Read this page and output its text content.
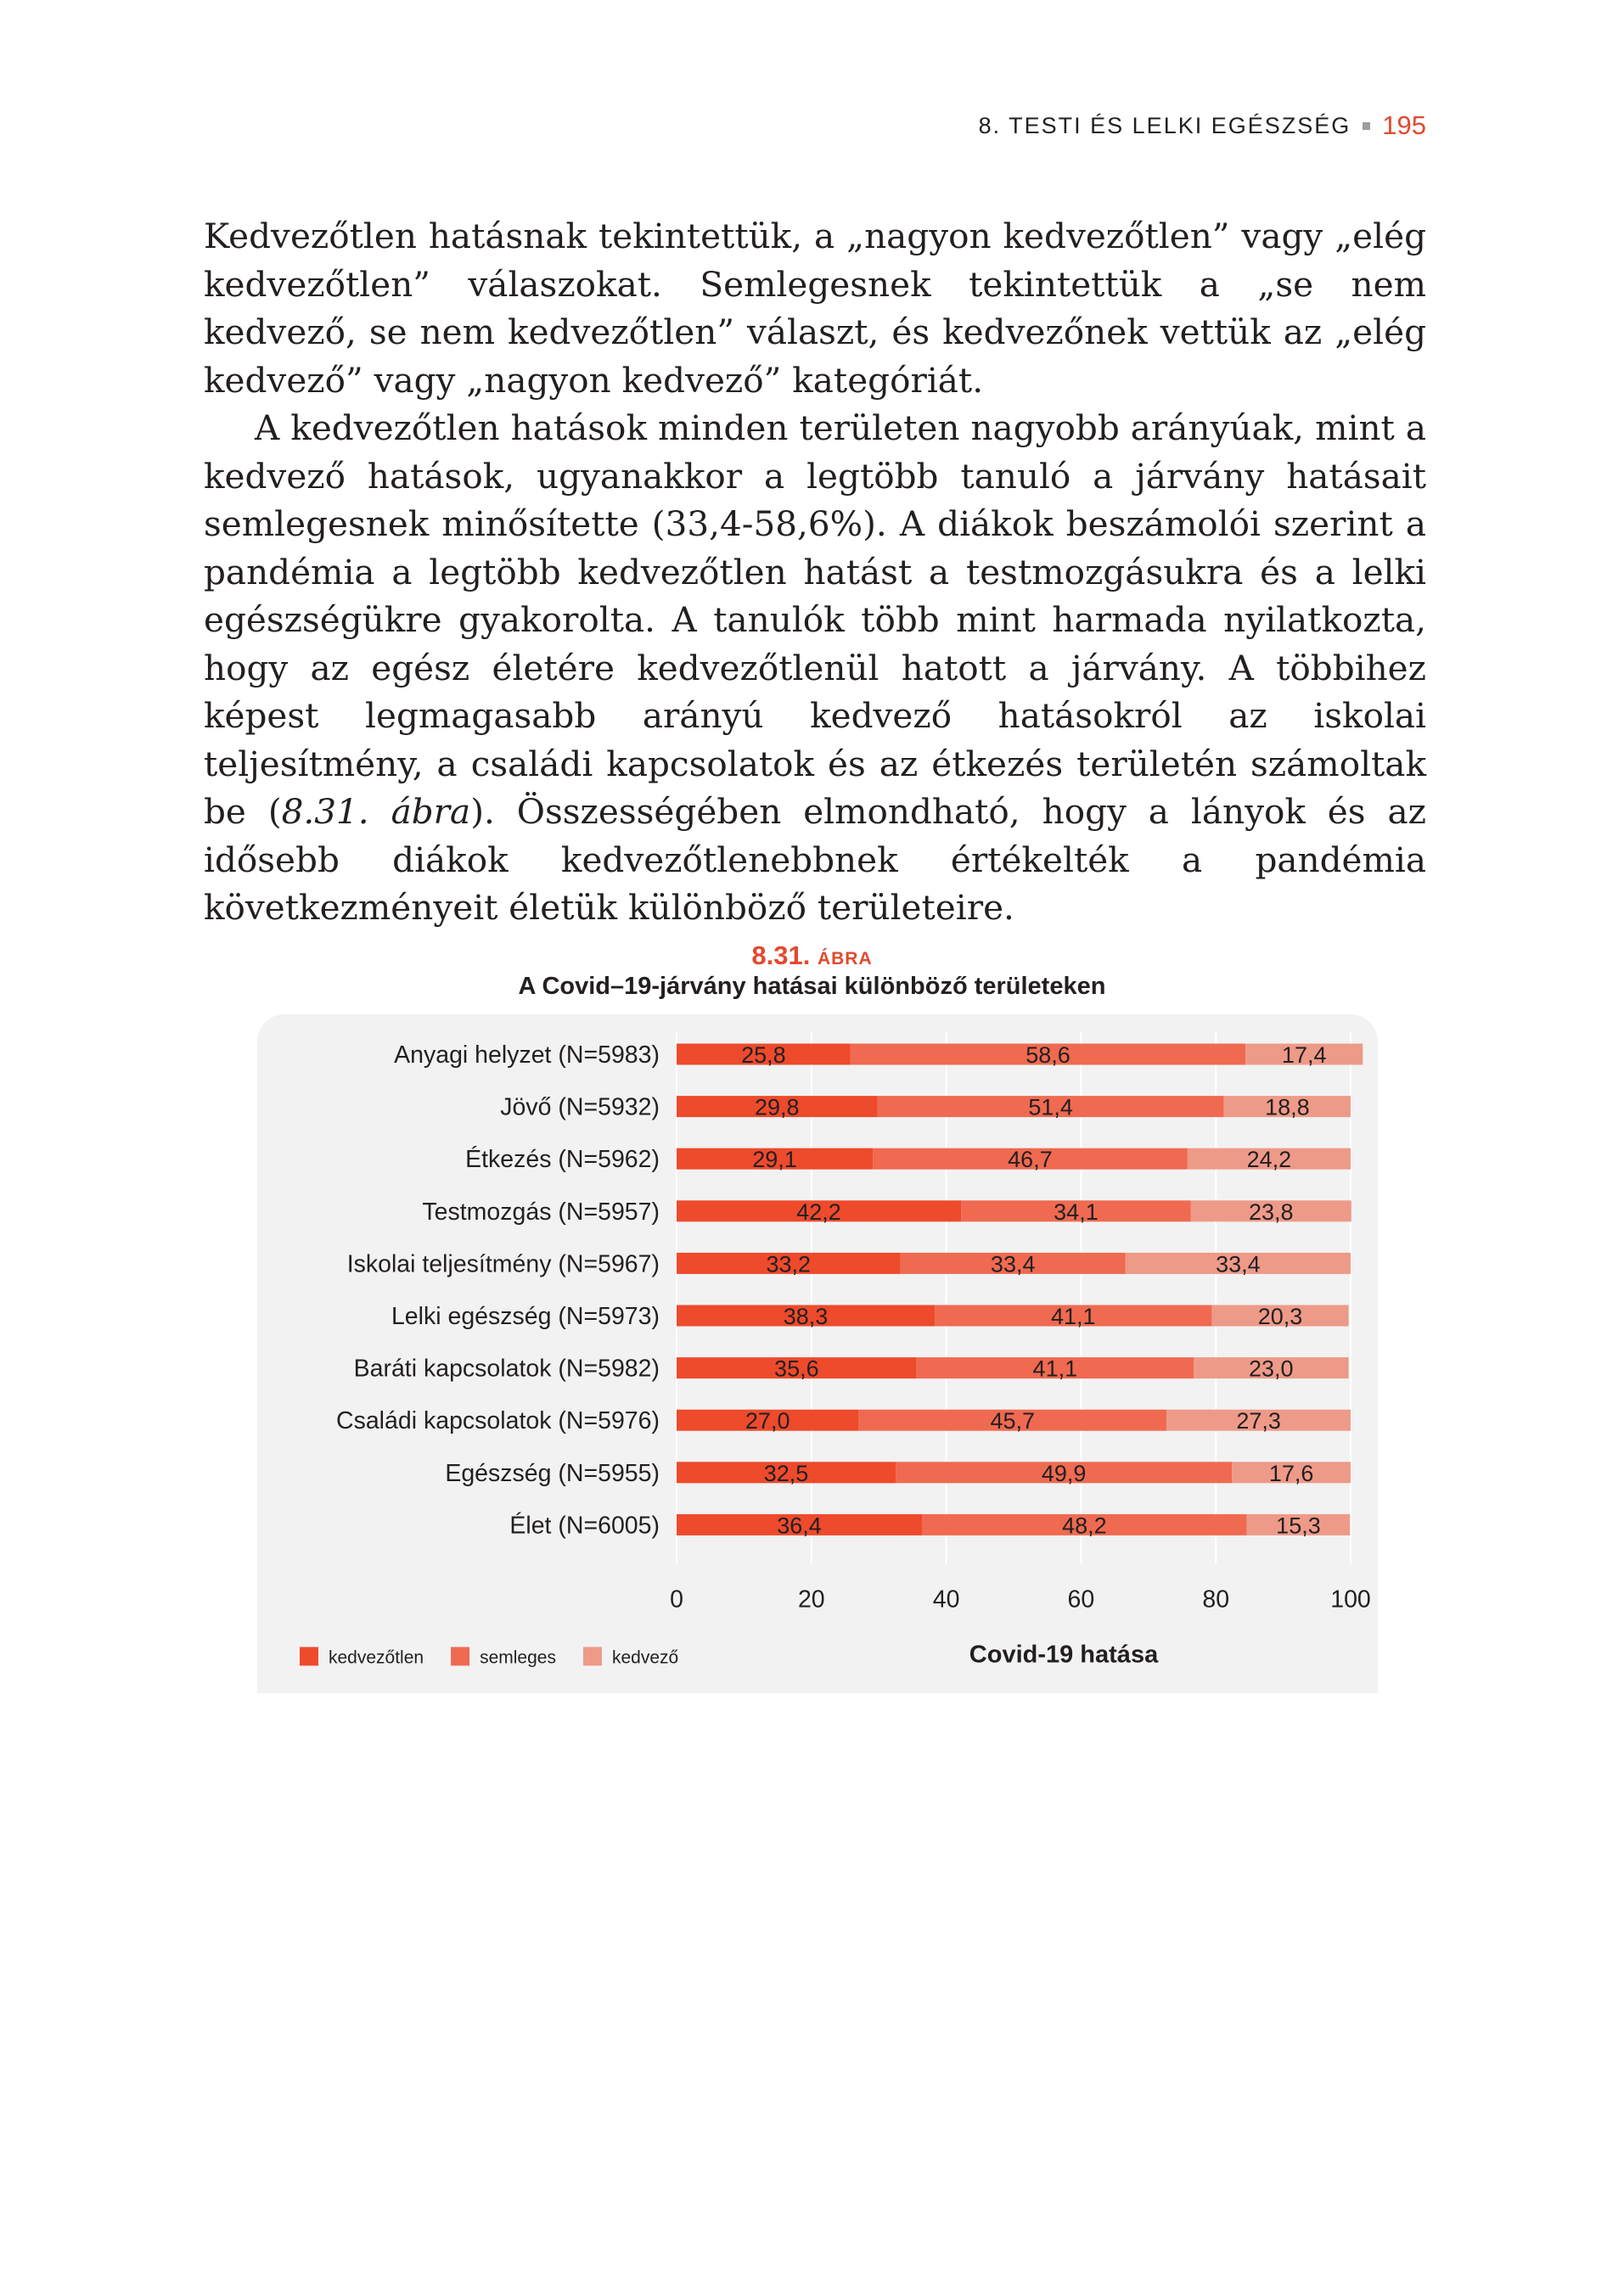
8. TESTI ÉS LELKI EGÉSZSÉG 195

Kedvezőtlen hatásnak tekintettük, a „nagyon kedvezőtlen” vagy „elég kedvezőtlen” válaszokat. Semlegesnek tekintettük a „se nem kedvező, se nem kedvezőtlen” választ, és kedvezőnek vettük az „elég kedvező” vagy „nagyon kedvező” kategóriát.

A kedvezőtlen hatások minden területen nagyobb arányúak, mint a kedvező hatások, ugyanakkor a legtöbb tanuló a járvány hatásait semlegesnek minősítette (33,4-58,6%). A diákok beszámolói szerint a pandémia a legtöbb kedvezőtlen hatást a testmozgásukra és a lelki egészségükre gyakorolta. A tanulók több mint harmada nyilatkozta, hogy az egész életére kedvezőtlenül hatott a járvány. A többihez képest legmagasabb arányú kedvező hatásokról az iskolai teljesítmény, a családi kapcsolatok és az étkezés területén számoltak be (8.31. ábra). Összességében elmondható, hogy a lányok és az idősebb diákok kedvezőtlenebbnek értékelték a pandémia következményeit életük különböző területeire.

8.31. ÁBRA
A Covid–19-járvány hatásai különböző területeken
Anyagi helyzet (N=5983)	25,8	58,6	17,4
Jövő (N=5932)	29,8	51,4	18,8
Étkezés (N=5962)	29,1	46,7	24,2
Testmozgás (N=5957)	42,2	34,1	23,8
Iskolai teljesítmény (N=5967)	33,2	33,4	33,4
Lelki egészség (N=5973)	38,3	41,1	20,3
Baráti kapcsolatok (N=5982)	35,6	41,1	23,0
Családi kapcsolatok (N=5976)	27,0	45,7	27,3
Egészség (N=5955)	32,5	49,9	17,6
Élet (N=6005)	36,4	48,2	15,3
0	20	40	60	80	100
Covid-19 hatása
kedvezőtlen	semleges	kedvező
